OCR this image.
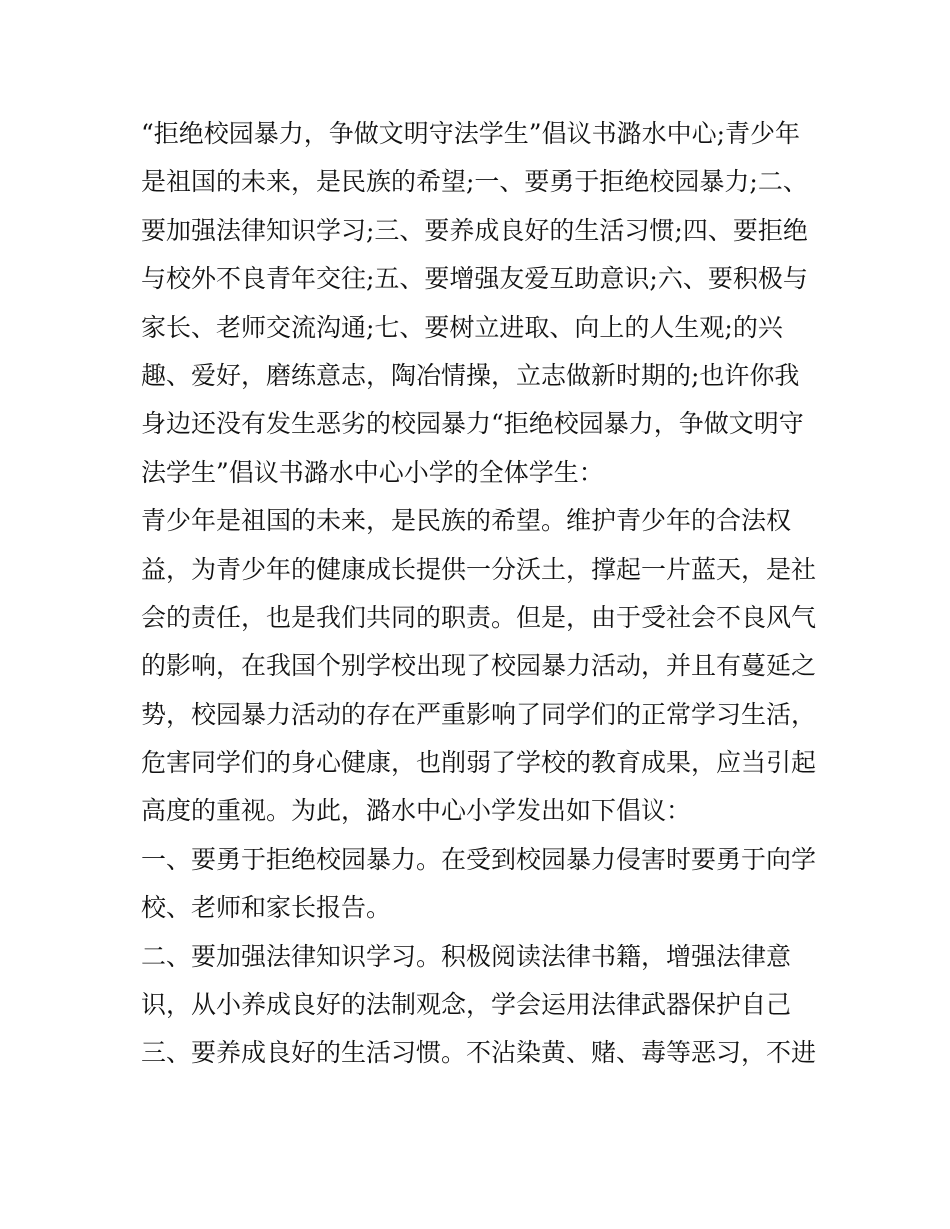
“拒绝校园暴力，争做文明守法学生”倡议书潞水中心;青少年
是祖国的未来，是民族的希望;一、要勇于拒绝校园暴力;二、
要加强法律知识学习;三、要养成良好的生活习惯;四、要拒绝
与校外不良青年交往;五、要增强友爱互助意识;六、要积极与
家长、老师交流沟通;七、要树立进取、向上的人生观;的兴
趣、爱好，磨练意志，陶冶情操，立志做新时期的;也许你我
身边还没有发生恶劣的校园暴力“拒绝校园暴力，争做文明守
法学生”倡议书潞水中心小学的全体学生：
青少年是祖国的未来，是民族的希望。维护青少年的合法权
益，为青少年的健康成长提供一分沃土，撑起一片蓝天，是社
会的责任，也是我们共同的职责。但是，由于受社会不良风气
的影响，在我国个别学校出现了校园暴力活动，并且有蔓延之
势，校园暴力活动的存在严重影响了同学们的正常学习生活，
危害同学们的身心健康，也削弱了学校的教育成果，应当引起
高度的重视。为此，潞水中心小学发出如下倡议：
一、要勇于拒绝校园暴力。在受到校园暴力侵害时要勇于向学
校、老师和家长报告。
二、要加强法律知识学习。积极阅读法律书籍，增强法律意
识，从小养成良好的法制观念，学会运用法律武器保护自己
三、要养成良好的生活习惯。不沾染黄、赌、毒等恶习，不进
